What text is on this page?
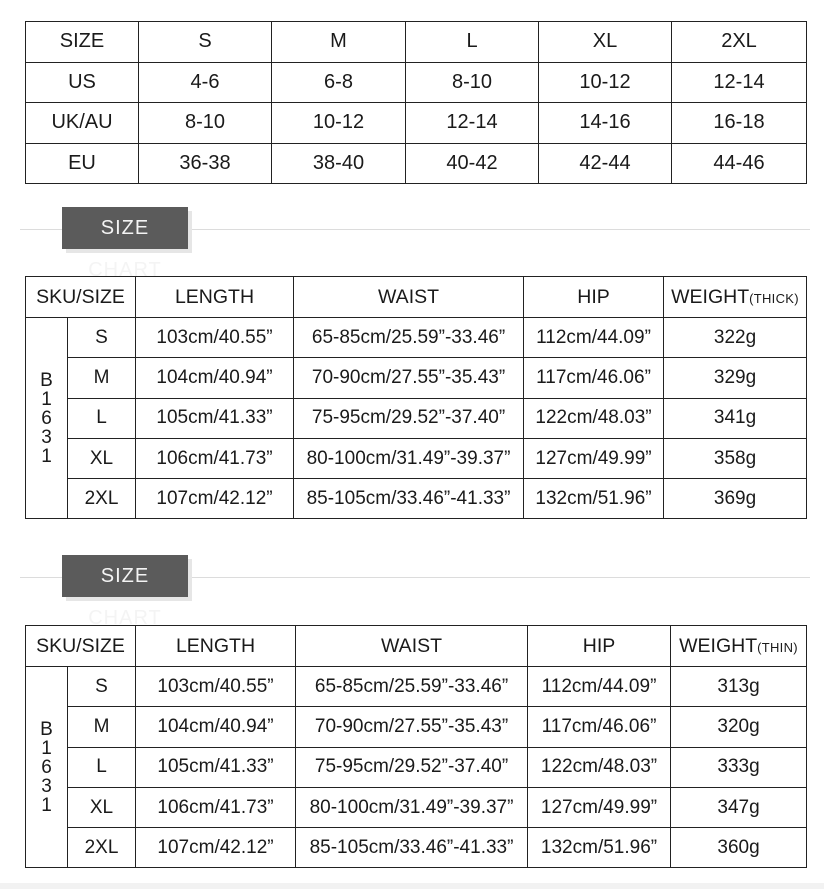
SIZE	S	M	L	XL	2XL
US	4-6	6-8	8-10	10-12	12-14
UK/AU	8-10	10-12	12-14	14-16	16-18
EU	36-38	38-40	40-42	42-44	44-46
SIZE CHART
SKU/SIZE		LENGTH	WAIST	HIP	WEIGHT(THICK)
B1631	S	103cm/40.55”	65-85cm/25.59”-33.46”	112cm/44.09”	322g
	M	104cm/40.94”	70-90cm/27.55”-35.43”	117cm/46.06”	329g
	L	105cm/41.33”	75-95cm/29.52”-37.40”	122cm/48.03”	341g
	XL	106cm/41.73”	80-100cm/31.49”-39.37”	127cm/49.99”	358g
	2XL	107cm/42.12”	85-105cm/33.46”-41.33”	132cm/51.96”	369g
SIZE CHART
SKU/SIZE		LENGTH	WAIST	HIP	WEIGHT(THIN)
B1631	S	103cm/40.55”	65-85cm/25.59”-33.46”	112cm/44.09”	313g
	M	104cm/40.94”	70-90cm/27.55”-35.43”	117cm/46.06”	320g
	L	105cm/41.33”	75-95cm/29.52”-37.40”	122cm/48.03”	333g
	XL	106cm/41.73”	80-100cm/31.49”-39.37”	127cm/49.99”	347g
	2XL	107cm/42.12”	85-105cm/33.46”-41.33”	132cm/51.96”	360g
